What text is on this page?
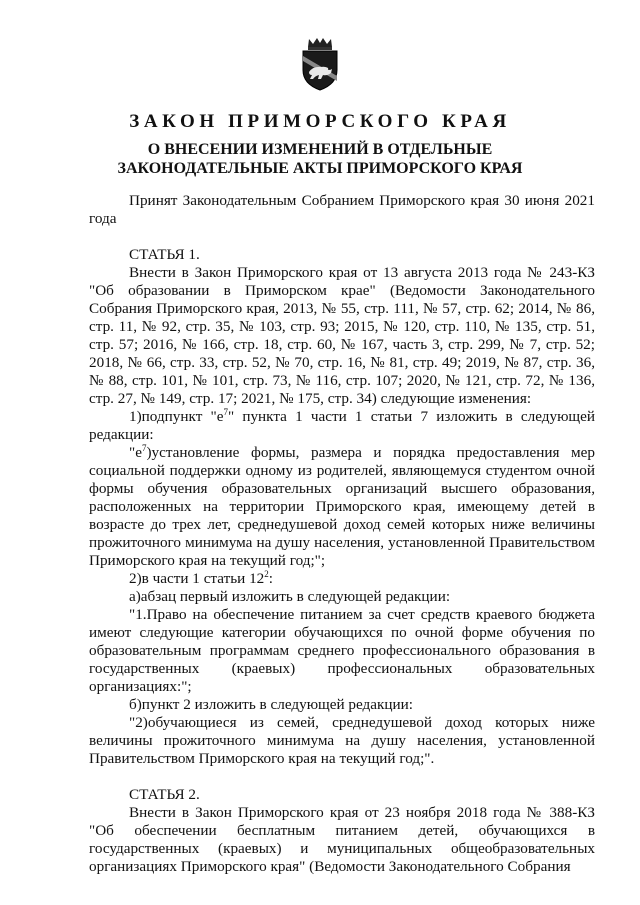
ЗАКОН ПРИМОРСКОГО КРАЯ
О ВНЕСЕНИИ ИЗМЕНЕНИЙ В ОТДЕЛЬНЫЕ
ЗАКОНОДАТЕЛЬНЫЕ АКТЫ ПРИМОРСКОГО КРАЯ

Принят Законодательным Собранием Приморского края 30 июня 2021 года

СТАТЬЯ 1.

Внести в Закон Приморского края от 13 августа 2013 года № 243-КЗ "Об образовании в Приморском крае" (Ведомости Законодательного Собрания Приморского края, 2013, № 55, стр. 111, № 57, стр. 62; 2014, № 86, стр. 11, № 92, стр. 35, № 103, стр. 93; 2015, № 120, стр. 110, № 135, стр. 51, стр. 57; 2016, № 166, стр. 18, стр. 60, № 167, часть 3, стр. 299, № 7, стр. 52; 2018, № 66, стр. 33, стр. 52, № 70, стр. 16, № 81, стр. 49; 2019, № 87, стр. 36, № 88, стр. 101, № 101, стр. 73, № 116, стр. 107; 2020, № 121, стр. 72, № 136, стр. 27, № 149, стр. 17; 2021, № 175, стр. 34) следующие изменения:

1)подпункт "$е^7$" пункта 1 части 1 статьи 7 изложить в следующей редакции:

"$е^7)установление$ формы, размера и порядка предоставления мер социальной поддержки одному из родителей, являющемуся студентом очной формы обучения образовательных организаций высшего образования, расположенных на территории Приморского края, имеющему детей в возрасте до трех лет, среднедушевой доход семей которых ниже величины прожиточного минимума на душу населения, установленной Правительством Приморского края на текущий год;";

2)в части 1 статьи $12^2$:

а)абзац первый изложить в следующей редакции:

"1.Право на обеспечение питанием за счет средств краевого бюджета имеют следующие категории обучающихся по очной форме обучения по образовательным программам среднего профессионального образования в государственных (краевых) профессиональных образовательных организациях:";

б)пункт 2 изложить в следующей редакции:

"2)обучающиеся из семей, среднедушевой доход которых ниже величины прожиточного минимума на душу населения, установленной Правительством Приморского края на текущий год;".

СТАТЬЯ 2.

Внести в Закон Приморского края от 23 ноября 2018 года № 388-КЗ "Об обеспечении бесплатным питанием детей, обучающихся в государственных (краевых) и муниципальных общеобразовательных организациях Приморского края" (Ведомости Законодательного Собрания
